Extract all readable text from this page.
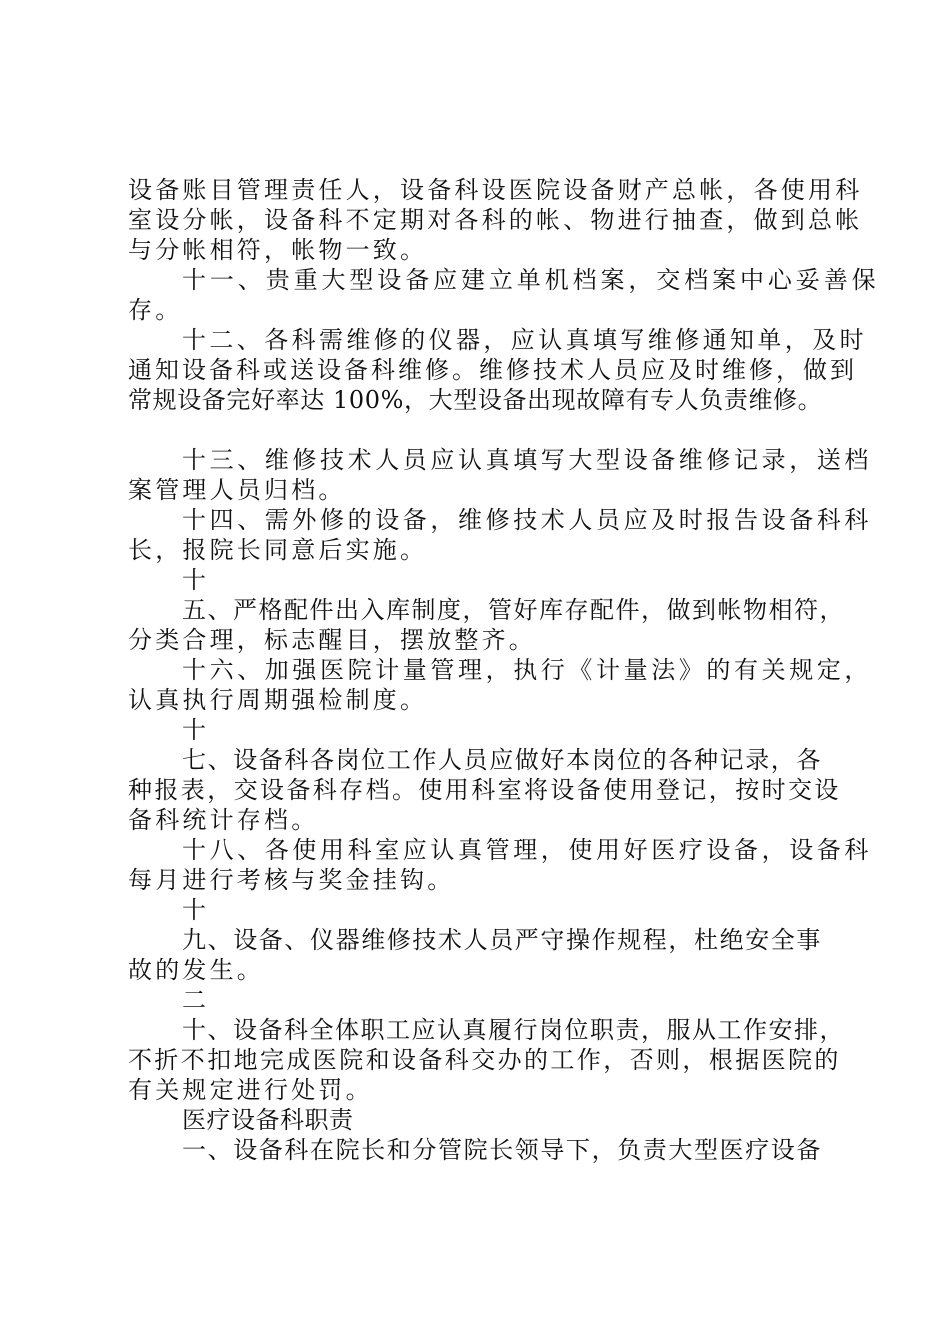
设备账目管理责任人，设备科设医院设备财产总帐，各使用科
室设分帐，设备科不定期对各科的帐、物进行抽查，做到总帐
与分帐相符，帐物一致。
十一、贵重大型设备应建立单机档案，交档案中心妥善保
存。
十二、各科需维修的仪器，应认真填写维修通知单，及时
通知设备科或送设备科维修。维修技术人员应及时维修，做到
常规设备完好率达 100%，大型设备出现故障有专人负责维修。
十三、维修技术人员应认真填写大型设备维修记录，送档
案管理人员归档。
十四、需外修的设备，维修技术人员应及时报告设备科科
长，报院长同意后实施。
十
五、严格配件出入库制度，管好库存配件，做到帐物相符，
分类合理，标志醒目，摆放整齐。
十六、加强医院计量管理，执行《计量法》的有关规定，
认真执行周期强检制度。
十
七、设备科各岗位工作人员应做好本岗位的各种记录，各
种报表，交设备科存档。使用科室将设备使用登记，按时交设
备科统计存档。
十八、各使用科室应认真管理，使用好医疗设备，设备科
每月进行考核与奖金挂钩。
十
九、设备、仪器维修技术人员严守操作规程，杜绝安全事
故的发生。
二
十、设备科全体职工应认真履行岗位职责，服从工作安排，
不折不扣地完成医院和设备科交办的工作，否则，根据医院的
有关规定进行处罚。
医疗设备科职责
一、设备科在院长和分管院长领导下，负责大型医疗设备
